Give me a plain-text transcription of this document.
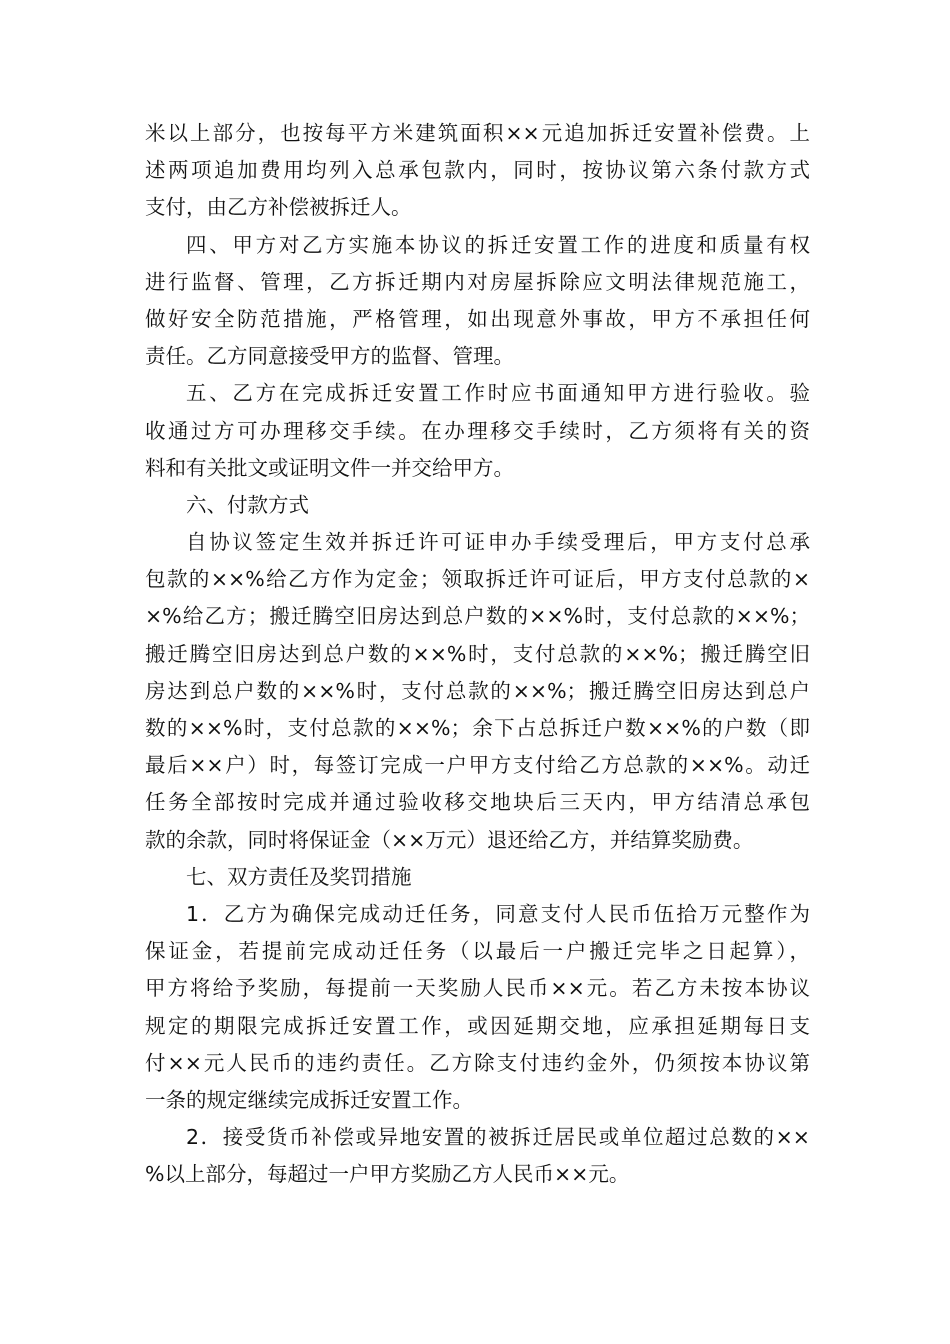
米以上部分，也按每平方米建筑面积××元追加拆迁安置补偿费。上
述两项追加费用均列入总承包款内，同时，按协议第六条付款方式
支付，由乙方补偿被拆迁人。
四、甲方对乙方实施本协议的拆迁安置工作的进度和质量有权
进行监督、管理，乙方拆迁期内对房屋拆除应文明法律规范施工，
做好安全防范措施，严格管理，如出现意外事故，甲方不承担任何
责任。乙方同意接受甲方的监督、管理。
五、乙方在完成拆迁安置工作时应书面通知甲方进行验收。验
收通过方可办理移交手续。在办理移交手续时，乙方须将有关的资
料和有关批文或证明文件一并交给甲方。
六、付款方式
自协议签定生效并拆迁许可证申办手续受理后，甲方支付总承
包款的××%给乙方作为定金；领取拆迁许可证后，甲方支付总款的×
×%给乙方；搬迁腾空旧房达到总户数的××%时，支付总款的××%；
搬迁腾空旧房达到总户数的××%时，支付总款的××%；搬迁腾空旧
房达到总户数的××%时，支付总款的××%；搬迁腾空旧房达到总户
数的××%时，支付总款的××%；余下占总拆迁户数××%的户数（即
最后××户）时，每签订完成一户甲方支付给乙方总款的××%。动迁
任务全部按时完成并通过验收移交地块后三天内，甲方结清总承包
款的余款，同时将保证金（××万元）退还给乙方，并结算奖励费。
七、双方责任及奖罚措施
1．乙方为确保完成动迁任务，同意支付人民币伍拾万元整作为
保证金，若提前完成动迁任务（以最后一户搬迁完毕之日起算），
甲方将给予奖励，每提前一天奖励人民币××元。若乙方未按本协议
规定的期限完成拆迁安置工作，或因延期交地，应承担延期每日支
付××元人民币的违约责任。乙方除支付违约金外，仍须按本协议第
一条的规定继续完成拆迁安置工作。
2．接受货币补偿或异地安置的被拆迁居民或单位超过总数的××
%以上部分，每超过一户甲方奖励乙方人民币××元。
